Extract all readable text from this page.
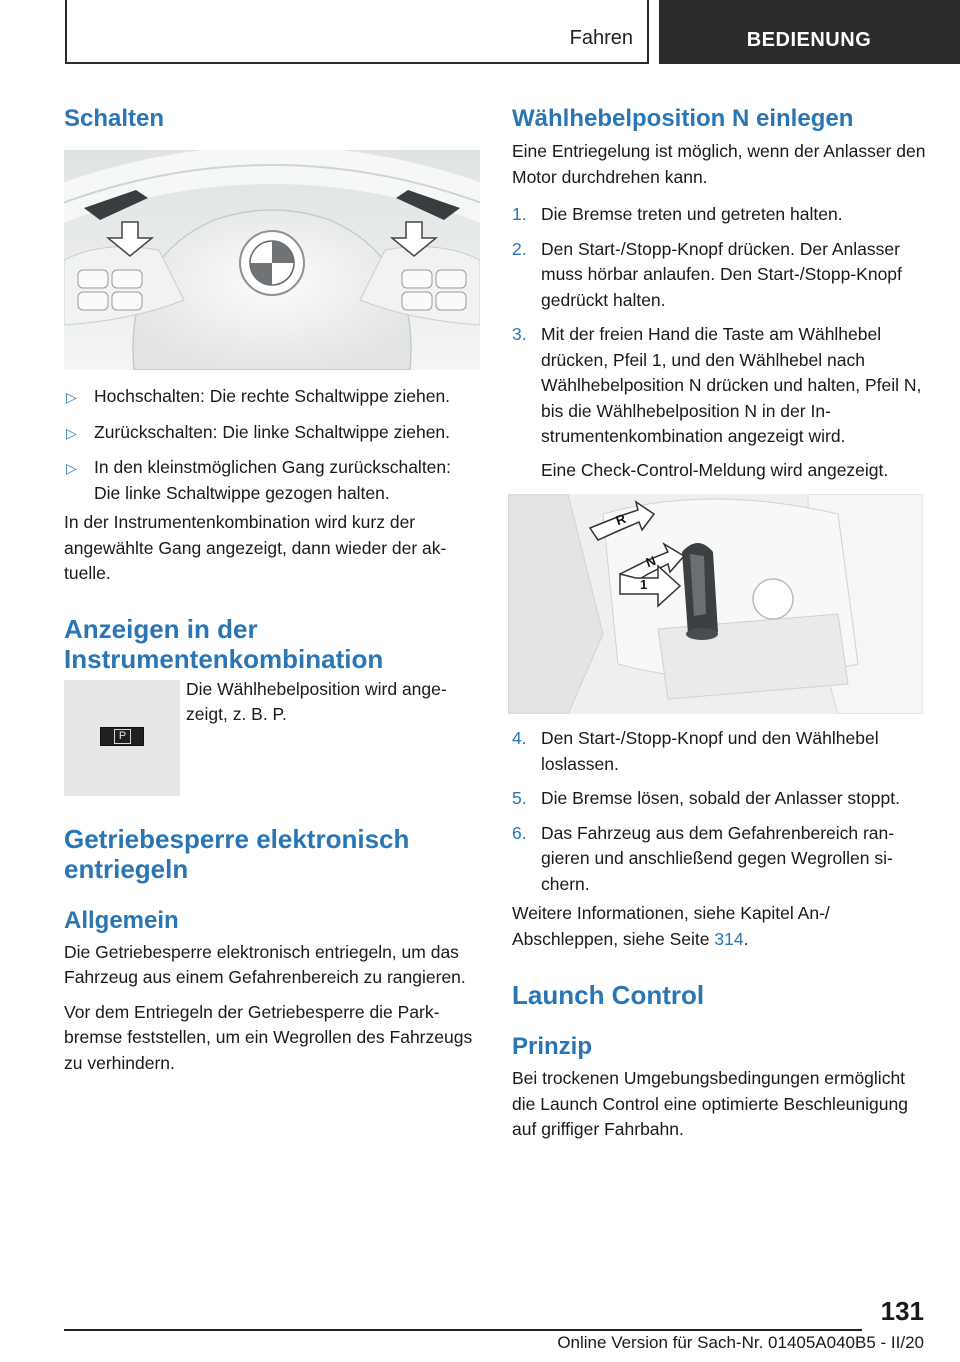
Fahren	BEDIENUNG
Schalten
▷ Hochschalten: Die rechte Schaltwippe ziehen.
▷ Zurückschalten: Die linke Schaltwippe ziehen.
▷ In den kleinstmöglichen Gang zurückschalten: Die linke Schaltwippe gezogen halten.

In der Instrumentenkombination wird kurz der angewählte Gang angezeigt, dann wieder der aktuelle.

Anzeigen in der
Instrumentenkombination
P

Die Wählhebelposition wird angezeigt, z. B. P.

Getriebesperre elektronisch
entriegeln
Allgemein

Die Getriebesperre elektronisch entriegeln, um das Fahrzeug aus einem Gefahrenbereich zu rangieren.

Vor dem Entriegeln der Getriebesperre die Parkbremse feststellen, um ein Wegrollen des Fahrzeugs zu verhindern.

Wählhebelposition N einlegen

Eine Entriegelung ist möglich, wenn der Anlasser den Motor durchdrehen kann.

1. Die Bremse treten und getreten halten.
2. Den Start-/Stopp-Knopf drücken. Der Anlasser muss hörbar anlaufen. Den Start-/Stopp-Knopf gedrückt halten.
3. Mit der freien Hand die Taste am Wählhebel drücken, Pfeil 1, und den Wählhebel nach Wählhebelposition N drücken und halten, Pfeil N, bis die Wählhebelposition N in der Instrumentenkombination angezeigt wird.
Eine Check-Control-Meldung wird angezeigt.
R
N
1
4. Den Start-/Stopp-Knopf und den Wählhebel loslassen.
5. Die Bremse lösen, sobald der Anlasser stoppt.
6. Das Fahrzeug aus dem Gefahrenbereich rangieren und anschließend gegen Wegrollen sichern.

Weitere Informationen, siehe Kapitel An-/ Abschleppen, siehe Seite 314.

Launch Control
Prinzip

Bei trockenen Umgebungsbedingungen ermöglicht die Launch Control eine optimierte Beschleunigung auf griffiger Fahrbahn.

131
Online Version für Sach-Nr. 01405A040B5 - II/20
